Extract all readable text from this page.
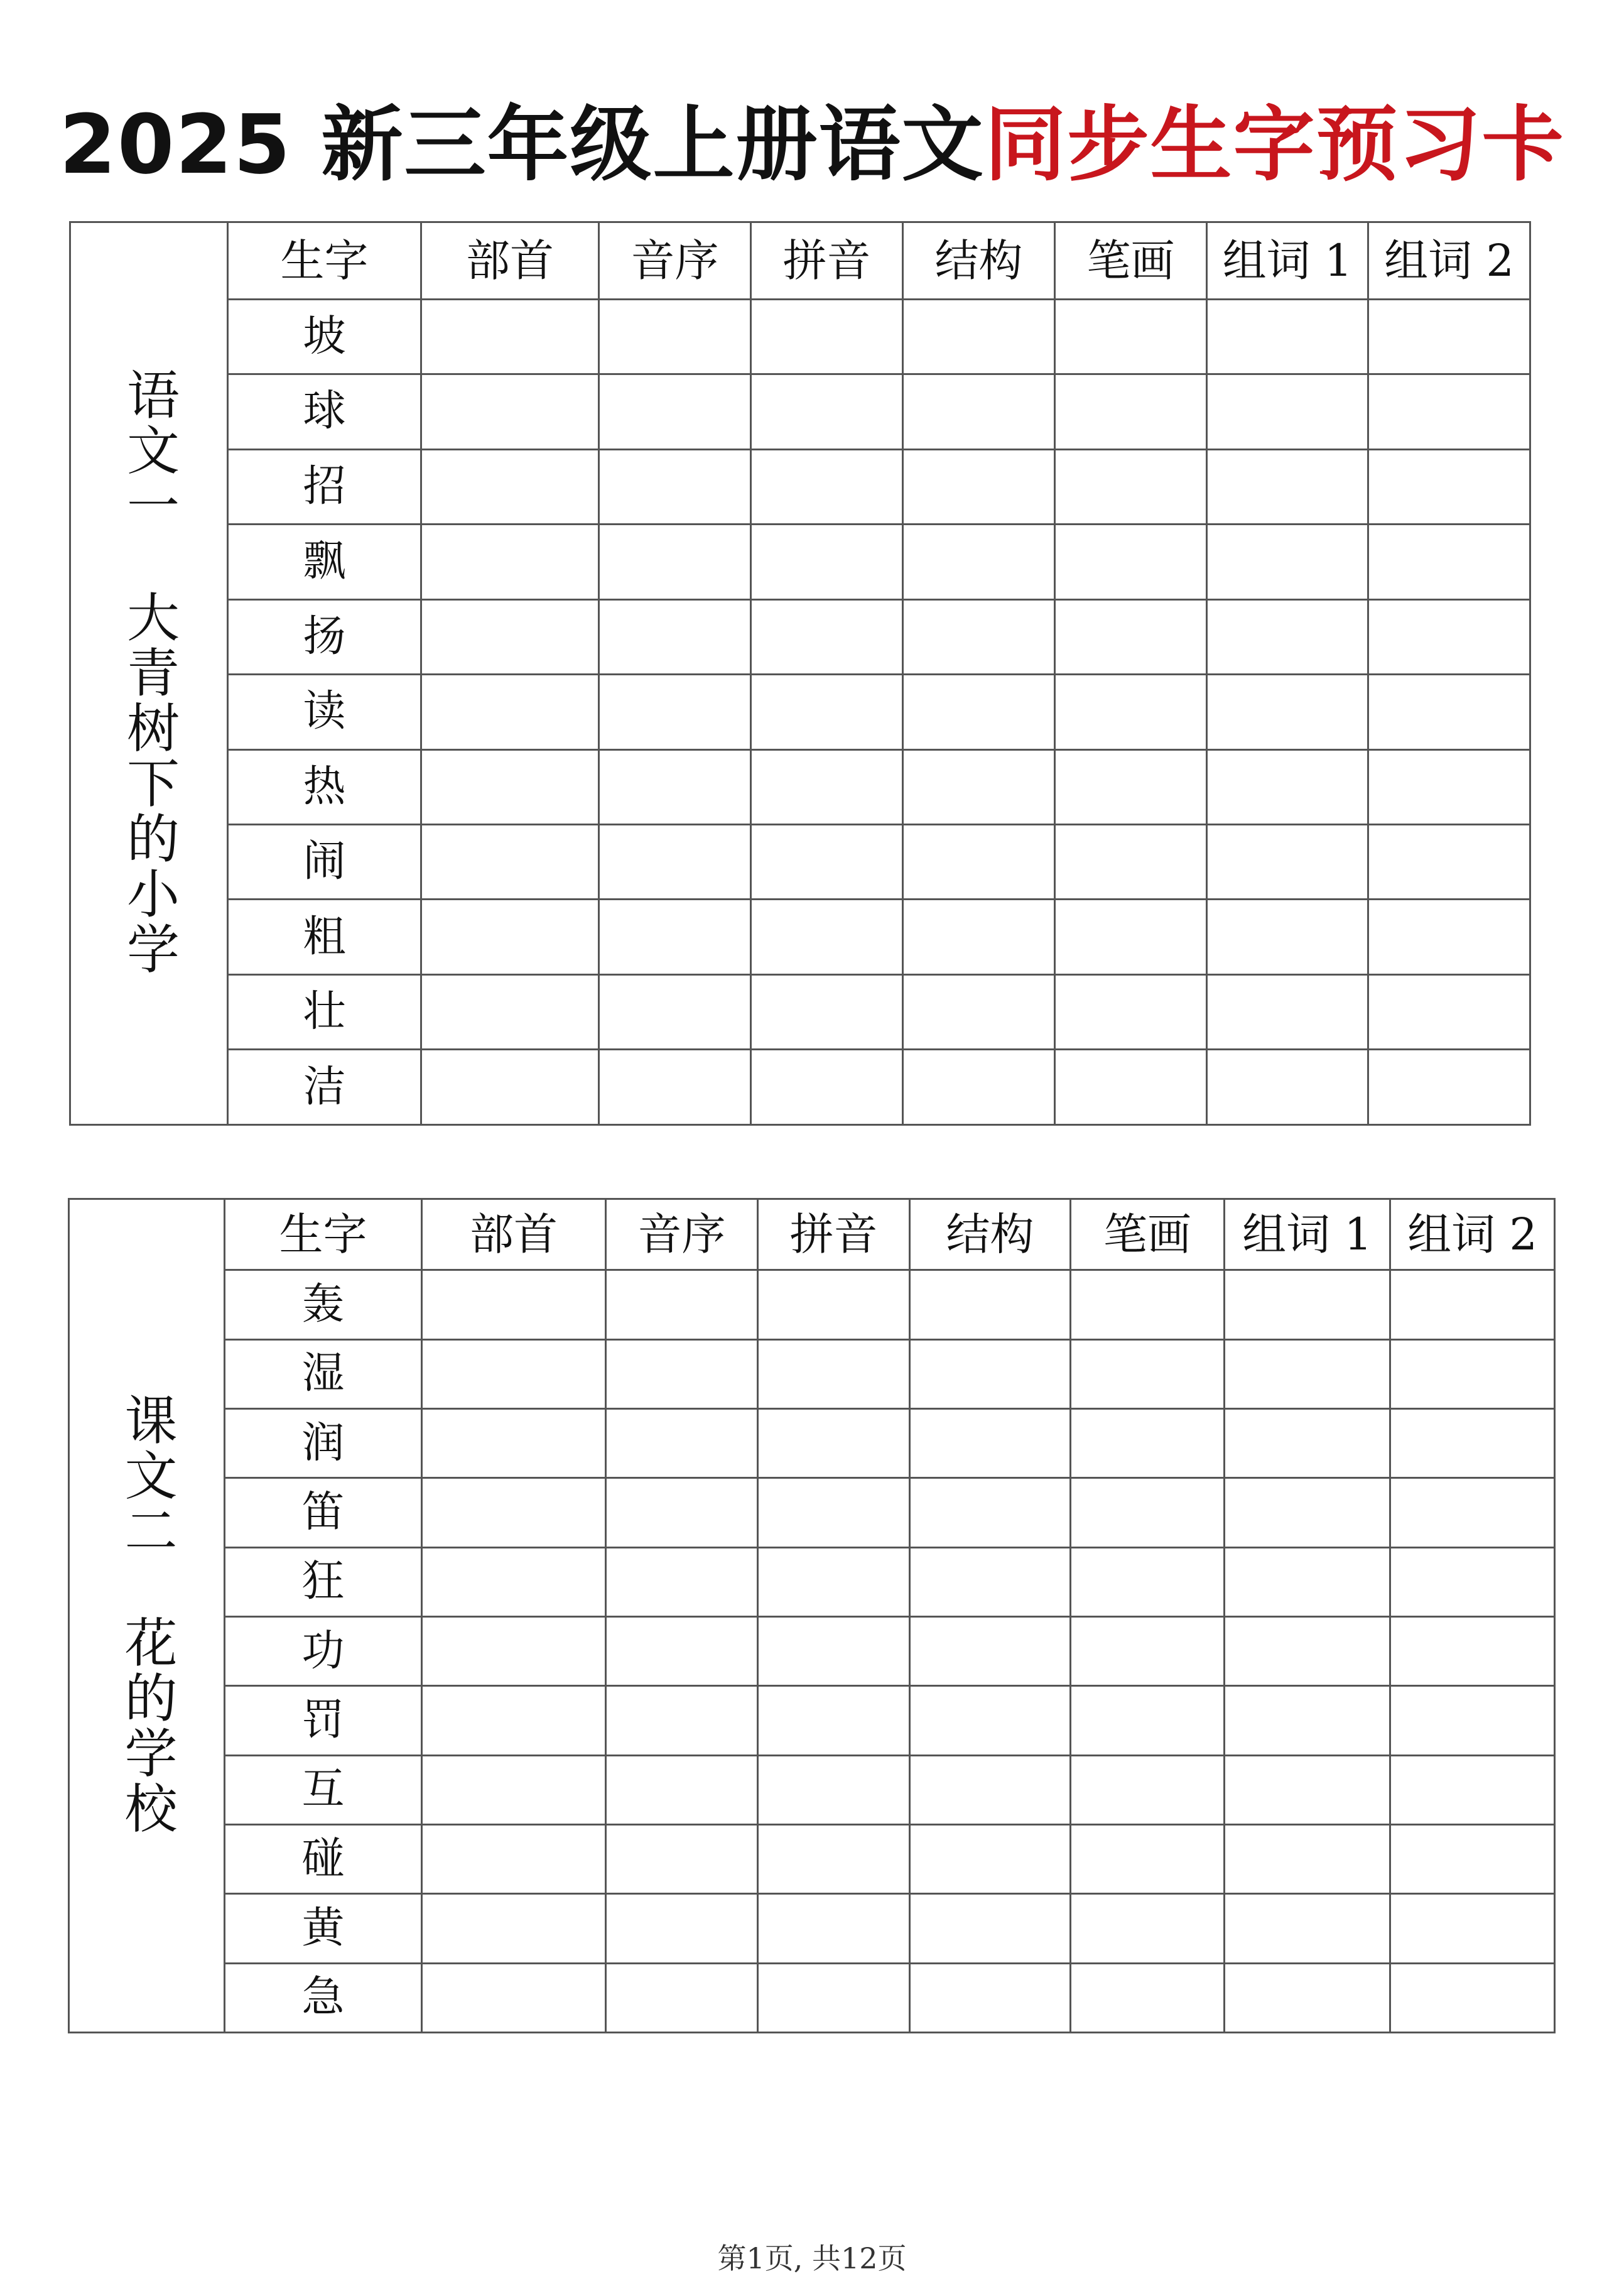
2025 新三年级上册语文同步生字预习卡
语文一大青树下的小学	生字	部首	音序	拼音	结构	笔画	组词 1	组词 2
	坡							
	球							
	招							
	飘							
	扬							
	读							
	热							
	闹							
	粗							
	壮							
	洁							
课文二花的学校	生字	部首	音序	拼音	结构	笔画	组词 1	组词 2
	轰							
	湿							
	润							
	笛							
	狂							
	功							
	罚							
	互							
	碰							
	黄							
	急							
第1页, 共12页
